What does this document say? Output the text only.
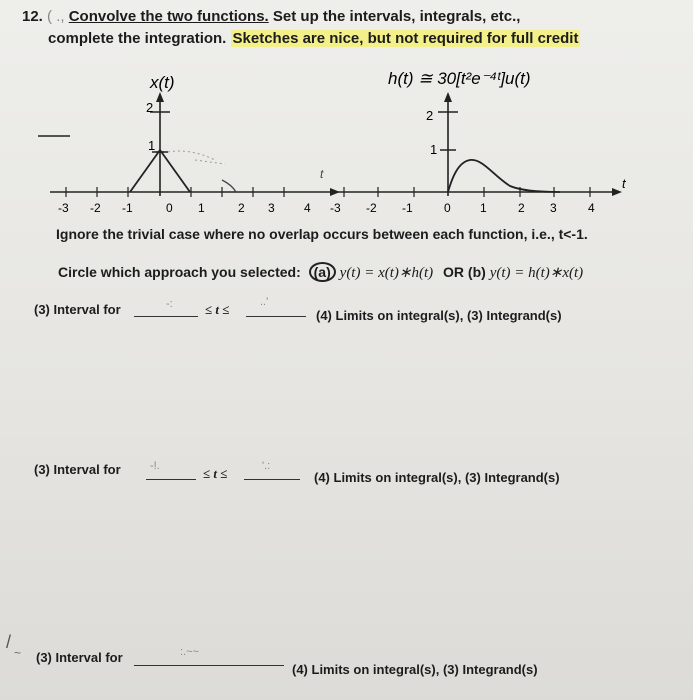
12. ( ., Convolve the two functions. Set up the intervals, integrals, etc.,
complete the integration. Sketches are nice, but not required for full credit
x(t)	h(t) ≅ 30[t²e⁻⁴ᵗ]u(t)
2
1
t
-3 -2 -1	0 1	2 3 4
t
2
1
-3 -2 -1	0 1	2 3	4
Ignore the trivial case where no overlap occurs between each function, i.e., t<-1.
Circle which approach you selected: (a) y(t) = x(t)∗h(t) OR (b) y(t) = h(t)∗x(t)
(3) Interval for	≤ t ≤
-:	..'
(4) Limits on integral(s), (3) Integrand(s)
(3) Interval for	≤ t ≤
-!.	'.:
(4) Limits on integral(s), (3) Integrand(s)
/
~ (3) Interval for	:.~~
(4) Limits on integral(s), (3) Integrand(s)
